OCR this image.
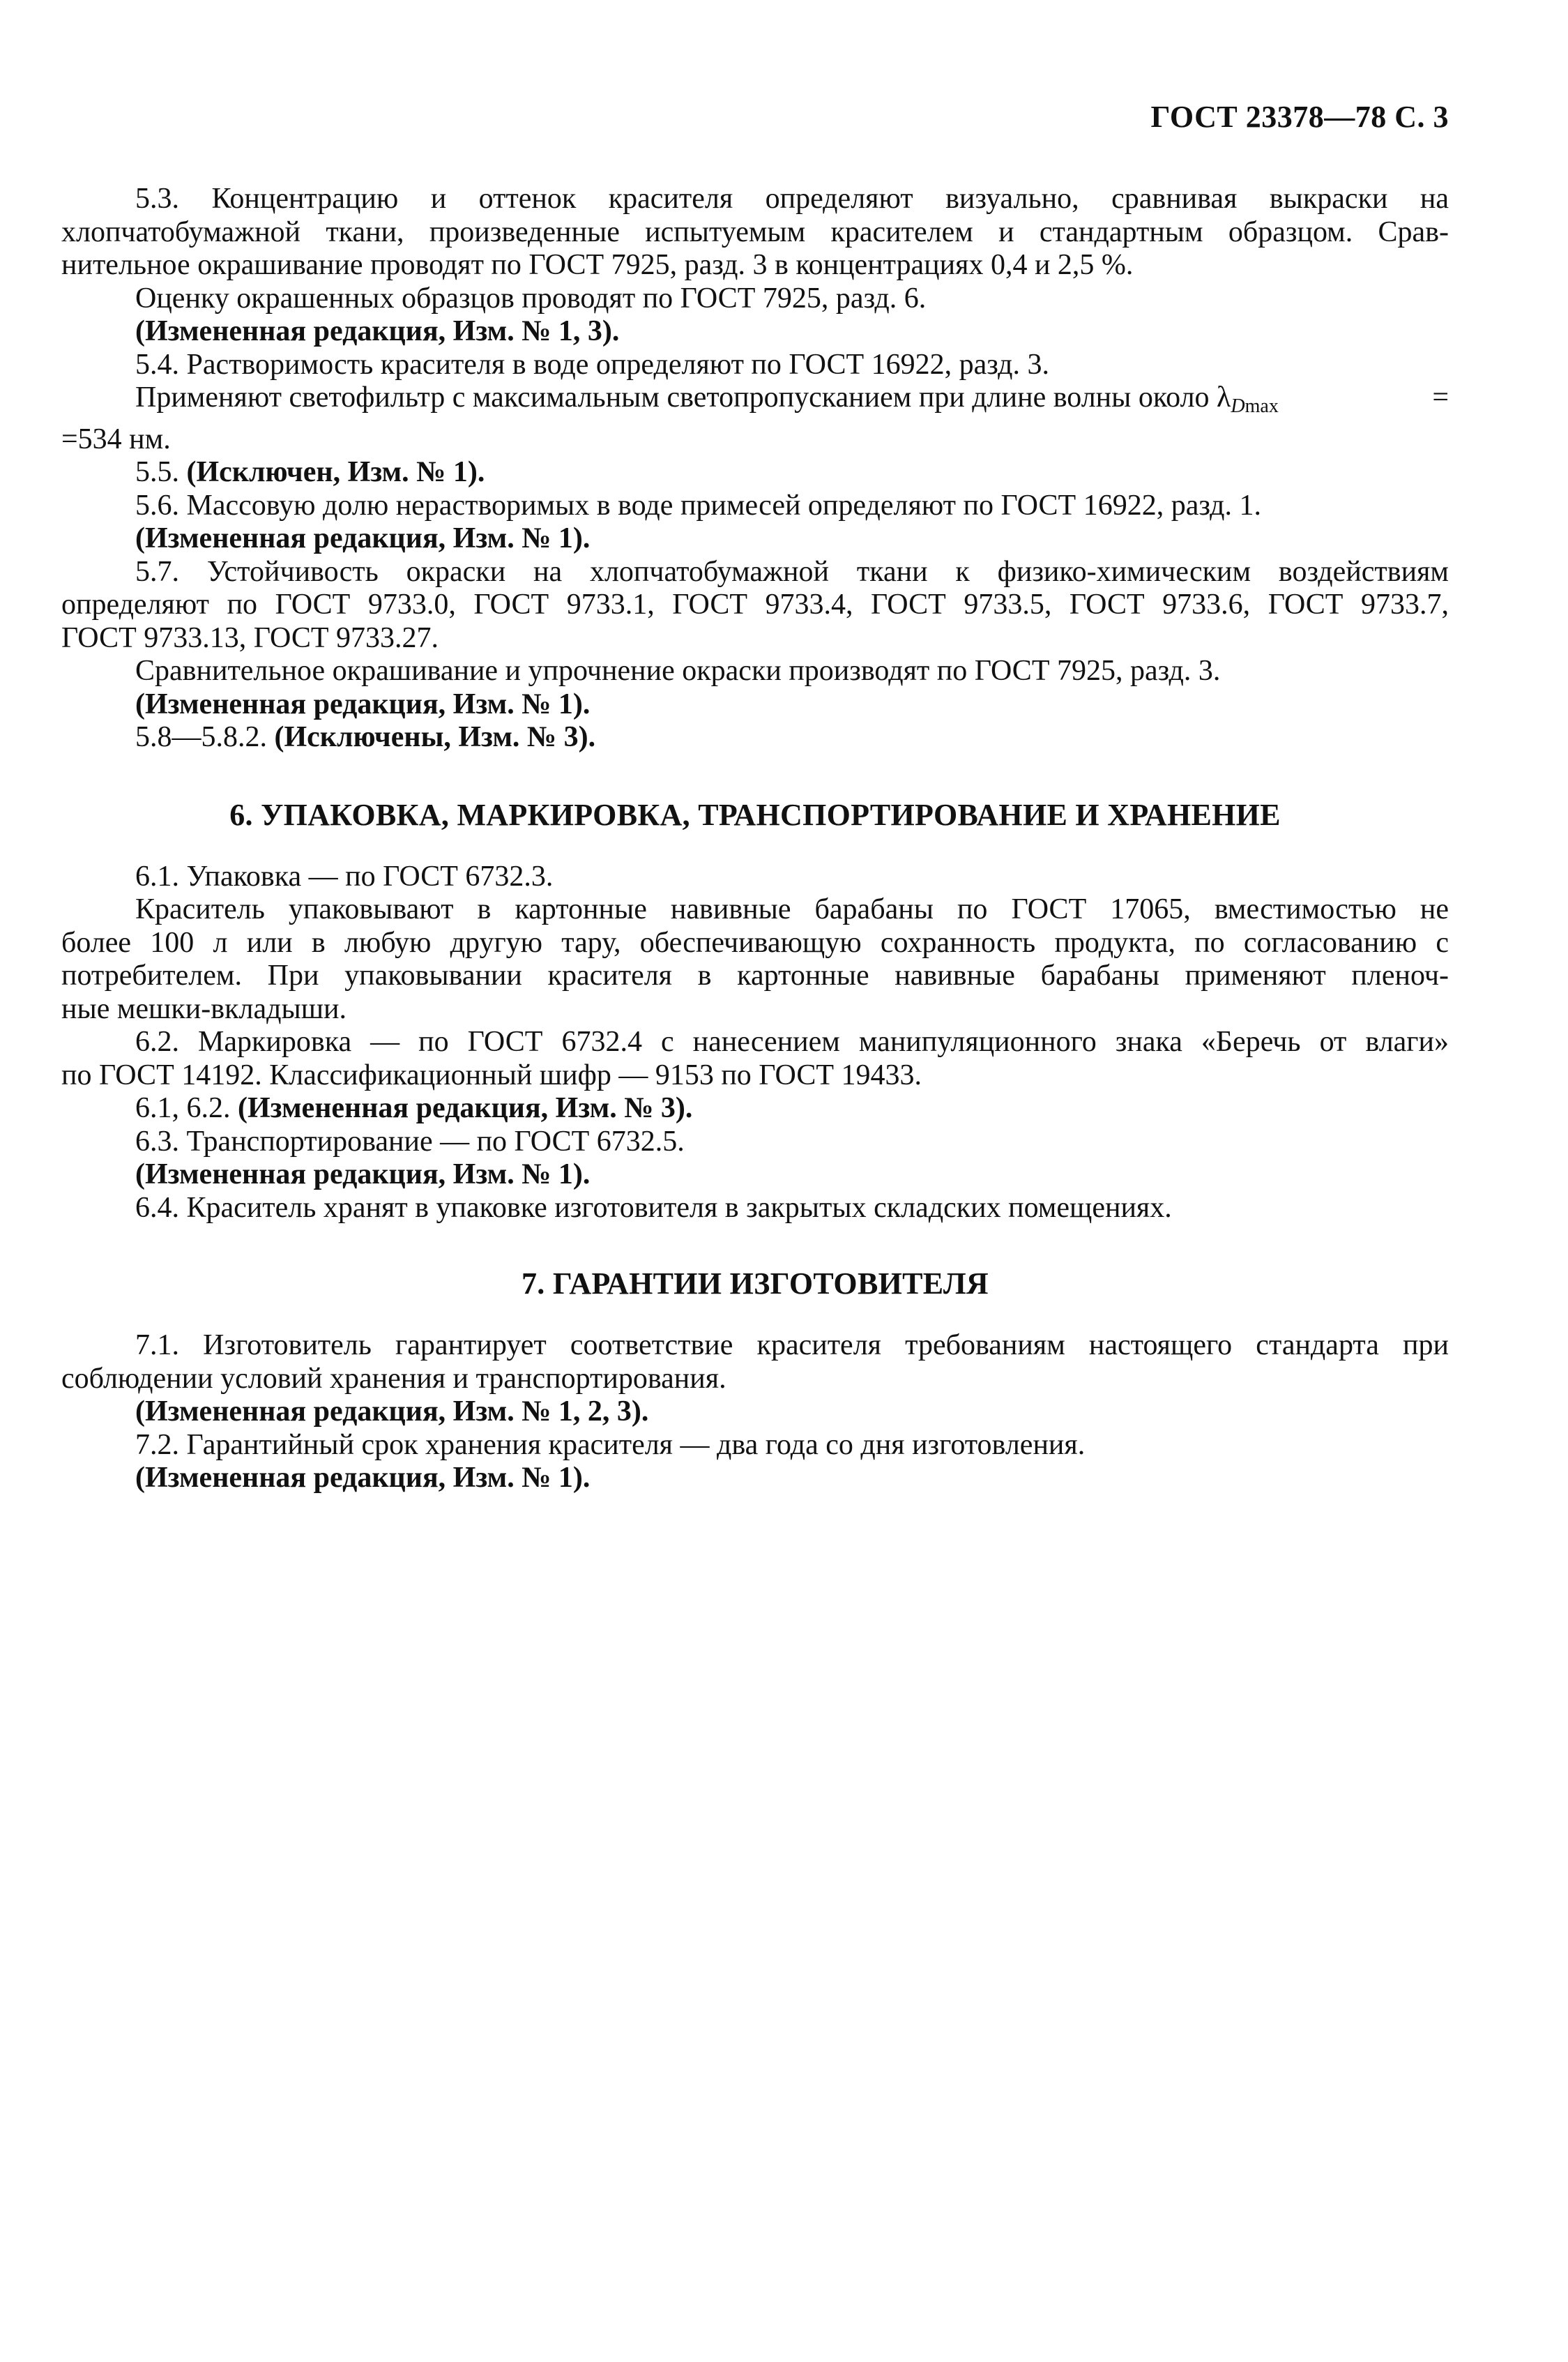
ГОСТ 23378—78 С. 3

5.3. Концентрацию и оттенок красителя определяют визуально, сравнивая выкраски на

хлопчатобумажной ткани, произведенные испытуемым красителем и стандартным образцом. Срав-

нительное окрашивание проводят по ГОСТ 7925, разд. 3 в концентрациях 0,4 и 2,5 %.

Оценку окрашенных образцов проводят по ГОСТ 7925, разд. 6.

(Измененная редакция, Изм. № 1, 3).

5.4. Растворимость красителя в воде определяют по ГОСТ 16922, разд. 3.

Применяют светофильтр с максимальным светопропусканием при длине волны около $\lambda_{Dmax}$	=

=534 нм.

5.5. (Исключен, Изм. № 1).

5.6. Массовую долю нерастворимых в воде примесей определяют по ГОСТ 16922, разд. 1.

(Измененная редакция, Изм. № 1).

5.7. Устойчивость окраски на хлопчатобумажной ткани к физико-химическим воздействиям

определяют по ГОСТ 9733.0, ГОСТ 9733.1, ГОСТ 9733.4, ГОСТ 9733.5, ГОСТ 9733.6, ГОСТ 9733.7,

ГОСТ 9733.13, ГОСТ 9733.27.

Сравнительное окрашивание и упрочнение окраски производят по ГОСТ 7925, разд. 3.

(Измененная редакция, Изм. № 1).

5.8—5.8.2. (Исключены, Изм. № 3).

6. УПАКОВКА, МАРКИРОВКА, ТРАНСПОРТИРОВАНИЕ И ХРАНЕНИЕ

6.1. Упаковка — по ГОСТ 6732.3.

Краситель упаковывают в картонные навивные барабаны по ГОСТ 17065, вместимостью не

более 100 л или в любую другую тару, обеспечивающую сохранность продукта, по согласованию с

потребителем. При упаковывании красителя в картонные навивные барабаны применяют пленоч-

ные мешки-вкладыши.

6.2. Маркировка — по ГОСТ 6732.4 с нанесением манипуляционного знака «Беречь от влаги»

по ГОСТ 14192. Классификационный шифр — 9153 по ГОСТ 19433.

6.1, 6.2. (Измененная редакция, Изм. № 3).

6.3. Транспортирование — по ГОСТ 6732.5.

(Измененная редакция, Изм. № 1).

6.4. Краситель хранят в упаковке изготовителя в закрытых складских помещениях.

7. ГАРАНТИИ ИЗГОТОВИТЕЛЯ

7.1. Изготовитель гарантирует соответствие красителя требованиям настоящего стандарта при

соблюдении условий хранения и транспортирования.

(Измененная редакция, Изм. № 1, 2, 3).

7.2. Гарантийный срок хранения красителя — два года со дня изготовления.

(Измененная редакция, Изм. № 1).
